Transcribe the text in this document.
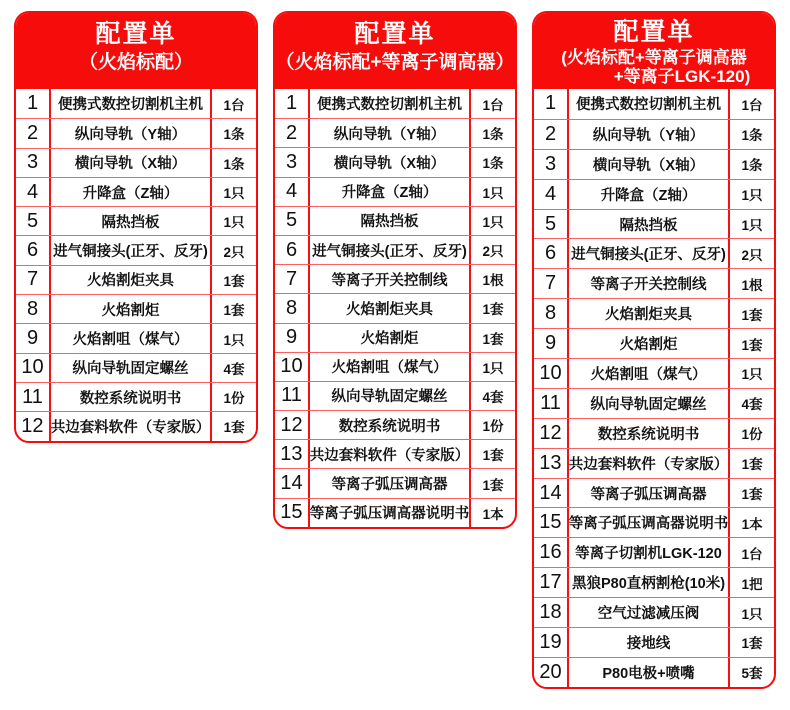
配置单
（火焰标配）
1	便携式数控切割机主机	1台
2	纵向导轨（Y轴）	1条
3	横向导轨（X轴）	1条
4	升降盒（Z轴）	1只
5	隔热挡板	1只
6	进气铜接头(正牙、反牙)	2只
7	火焰割炬夹具	1套
8	火焰割炬	1套
9	火焰割咀（煤气）	1只
10	纵向导轨固定螺丝	4套
11	数控系统说明书	1份
12 共边套料软件（专家版） 1套
配置单
（火焰标配+等离子调高器）
1	便携式数控切割机主机	1台
2	纵向导轨（Y轴）	1条
3	横向导轨（X轴）	1条
4	升降盒（Z轴）	1只
5	隔热挡板	1只
6	进气铜接头(正牙、反牙)	2只
7	等离子开关控制线	1根
8	火焰割炬夹具	1套
9	火焰割炬	1套
10	火焰割咀（煤气）	1只
11	纵向导轨固定螺丝	4套
12	数控系统说明书	1份
13 共边套料软件（专家版） 1套
14	等离子弧压调高器	1套
15 等离子弧压调高器说明书 1本
配置单
(火焰标配+等离子调高器
+等离子LGK-120)
1	便携式数控切割机主机	1台
2	纵向导轨（Y轴）	1条
3	横向导轨（X轴）	1条
4	升降盒（Z轴）	1只
5	隔热挡板	1只
6	进气铜接头(正牙、反牙)	2只
7	等离子开关控制线	1根
8	火焰割炬夹具	1套
9	火焰割炬	1套
10	火焰割咀（煤气）	1只
11	纵向导轨固定螺丝	4套
12	数控系统说明书	1份
13 共边套料软件（专家版） 1套
14	等离子弧压调高器	1套
15 等离子弧压调高器说明书 1本
16 等离子切割机LGK-120	1台
17 黑狼P80直柄割枪(10米)	1把
18	空气过滤减压阀	1只
19	接地线	1套
20	P80电极+喷嘴	5套
